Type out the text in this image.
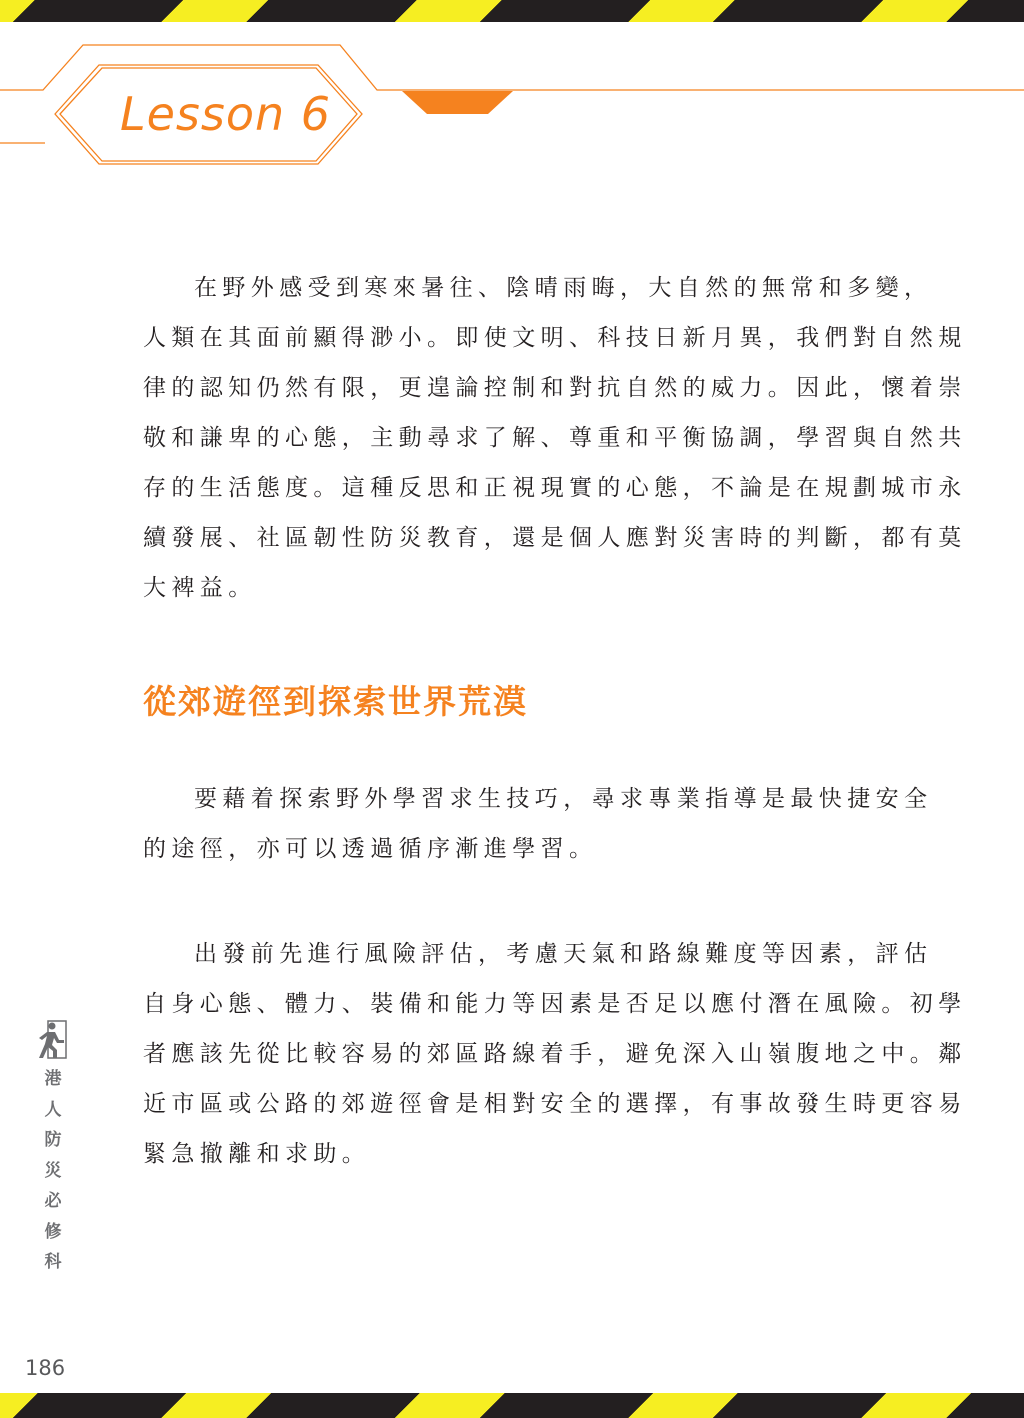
Lesson 6
在野外感受到寒來暑往、陰晴雨晦，大自然的無常和多變，
人類在其面前顯得渺小。即使文明、科技日新月異，我們對自然規
律的認知仍然有限，更遑論控制和對抗自然的威力。因此，懷着崇
敬和謙卑的心態，主動尋求了解、尊重和平衡協調，學習與自然共
存的生活態度。這種反思和正視現實的心態，不論是在規劃城市永
續發展、社區韌性防災教育，還是個人應對災害時的判斷，都有莫
大裨益。
從郊遊徑到探索世界荒漠
要藉着探索野外學習求生技巧，尋求專業指導是最快捷安全
的途徑，亦可以透過循序漸進學習。
出發前先進行風險評估，考慮天氣和路線難度等因素，評估
自身心態、體力、裝備和能力等因素是否足以應付潛在風險。初學
者應該先從比較容易的郊區路線着手，避免深入山嶺腹地之中。鄰
近市區或公路的郊遊徑會是相對安全的選擇，有事故發生時更容易
緊急撤離和求助。
港
人
防
災
必
修
科
186
